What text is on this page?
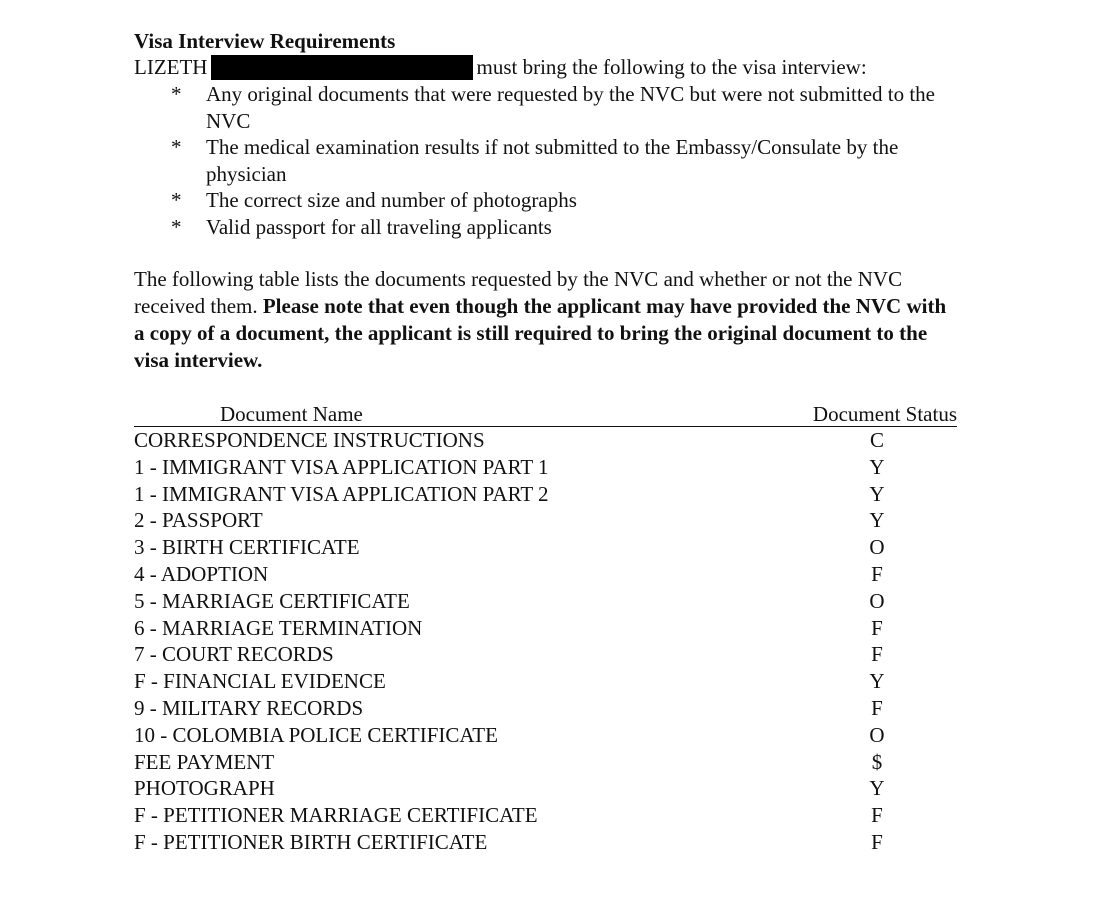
Visa Interview Requirements
LIZETH	must bring the following to the visa interview:
* Any original documents that were requested by the NVC but were not submitted to the NVC
* The medical examination results if not submitted to the Embassy/Consulate by the physician
* The correct size and number of photographs
* Valid passport for all traveling applicants
The following table lists the documents requested by the NVC and whether or not the NVC received them. Please note that even though the applicant may have provided the NVC with a copy of a document, the applicant is still required to bring the original document to the visa interview.
Document Name	Document Status
CORRESPONDENCE INSTRUCTIONS	C
1 - IMMIGRANT VISA APPLICATION PART 1	Y
1 - IMMIGRANT VISA APPLICATION PART 2	Y
2 - PASSPORT	Y
3 - BIRTH CERTIFICATE	O
4 - ADOPTION	F
5 - MARRIAGE CERTIFICATE	O
6 - MARRIAGE TERMINATION	F
7 - COURT RECORDS	F
F - FINANCIAL EVIDENCE	Y
9 - MILITARY RECORDS	F
10 - COLOMBIA POLICE CERTIFICATE	O
FEE PAYMENT	$
PHOTOGRAPH	Y
F - PETITIONER MARRIAGE CERTIFICATE	F
F - PETITIONER BIRTH CERTIFICATE	F
